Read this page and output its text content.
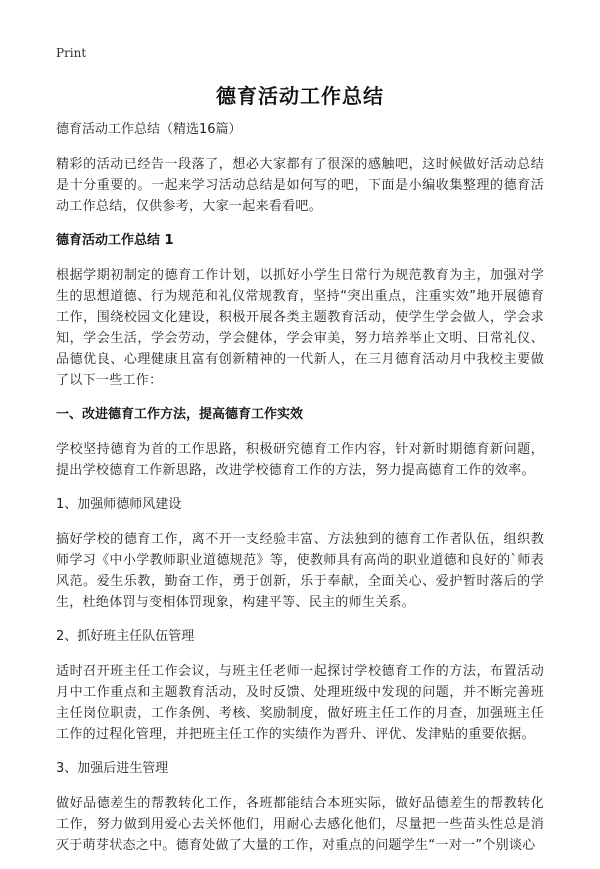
Print
德育活动工作总结
德育活动工作总结（精选16篇）
精彩的活动已经告一段落了，想必大家都有了很深的感触吧，这时候做好活动总结是十分重要的。一起来学习活动总结是如何写的吧，下面是小编收集整理的德育活动工作总结，仅供参考，大家一起来看看吧。
德育活动工作总结 1
根据学期初制定的德育工作计划，以抓好小学生日常行为规范教育为主，加强对学生的思想道德、行为规范和礼仪常规教育，坚持“突出重点，注重实效”地开展德育工作，围绕校园文化建设，积极开展各类主题教育活动，使学生学会做人，学会求知，学会生活，学会劳动，学会健体，学会审美，努力培养举止文明、日常礼仪、品德优良、心理健康且富有创新精神的一代新人，在三月德育活动月中我校主要做了以下一些工作：
一、改进德育工作方法，提高德育工作实效
学校坚持德育为首的工作思路，积极研究德育工作内容，针对新时期德育新问题，提出学校德育工作新思路，改进学校德育工作的方法，努力提高德育工作的效率。
1、加强师德师风建设
搞好学校的德育工作，离不开一支经验丰富、方法独到的德育工作者队伍，组织教师学习《中小学教师职业道德规范》等，使教师具有高尚的职业道德和良好的`师表风范。爱生乐教，勤奋工作，勇于创新，乐于奉献，全面关心、爱护暂时落后的学生，杜绝体罚与变相体罚现象，构建平等、民主的师生关系。
2、抓好班主任队伍管理
适时召开班主任工作会议，与班主任老师一起探讨学校德育工作的方法，布置活动月中工作重点和主题教育活动，及时反馈、处理班级中发现的问题，并不断完善班主任岗位职责，工作条例、考核、奖励制度，做好班主任工作的月查，加强班主任工作的过程化管理，并把班主任工作的实绩作为晋升、评优、发津贴的重要依据。
3、加强后进生管理
做好品德差生的帮教转化工作，各班都能结合本班实际，做好品德差生的帮教转化工作，努力做到用爱心去关怀他们，用耐心去感化他们，尽量把一些苗头性总是消灭于萌芽状态之中。德育处做了大量的工作，对重点的问题学生“一对一”个别谈心
